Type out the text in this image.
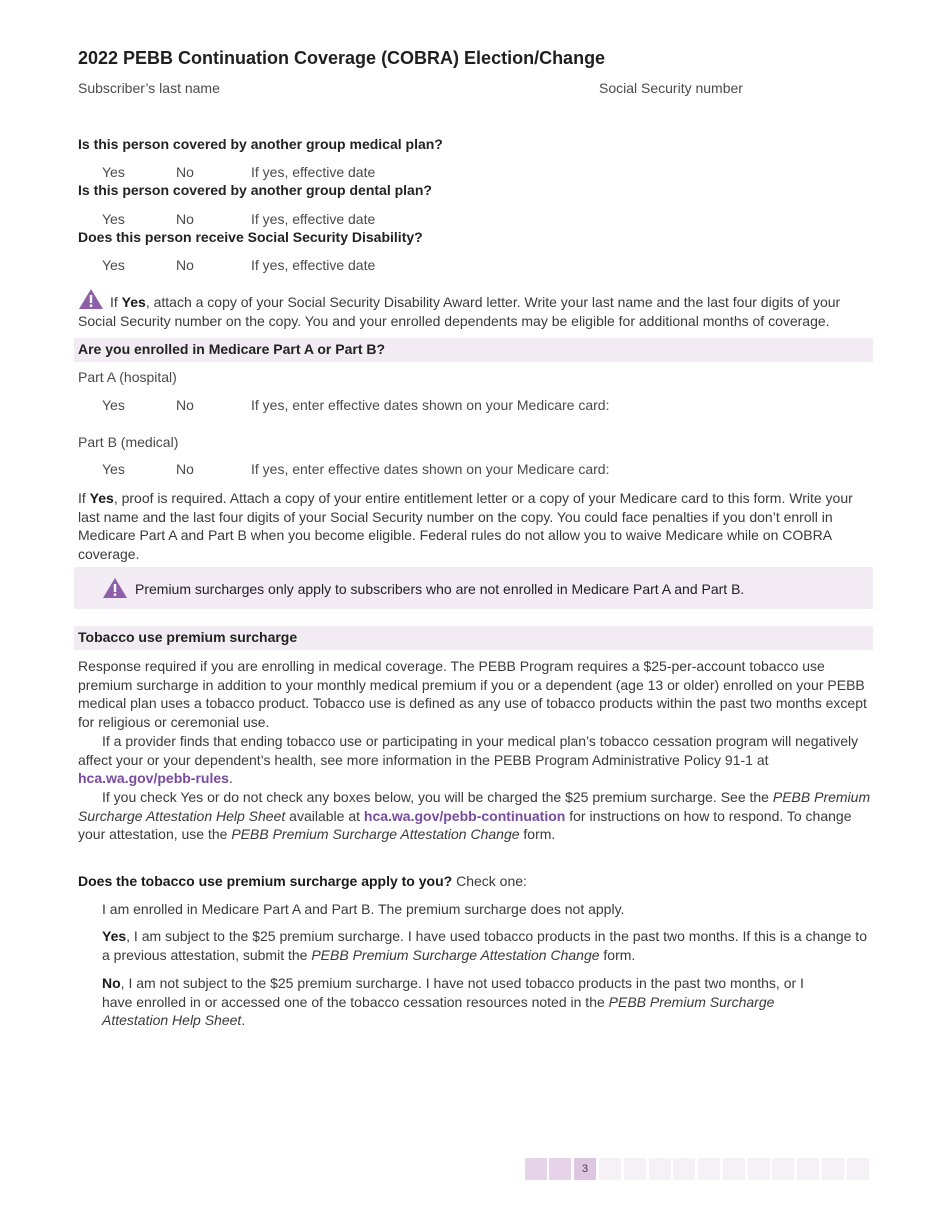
2022 PEBB Continuation Coverage (COBRA) Election/Change
Subscriber’s last name	Social Security number
Is this person covered by another group medical plan?
Yes	No	If yes, effective date
Is this person covered by another group dental plan?
Yes	No	If yes, effective date
Does this person receive Social Security Disability?
Yes	No	If yes, effective date
If Yes, attach a copy of your Social Security Disability Award letter. Write your last name and the last four digits of your Social Security number on the copy. You and your enrolled dependents may be eligible for additional months of coverage.
Are you enrolled in Medicare Part A or Part B?
Part A (hospital)
Yes	No	If yes, enter effective dates shown on your Medicare card:
Part B (medical)
Yes	No	If yes, enter effective dates shown on your Medicare card:
If Yes, proof is required. Attach a copy of your entire entitlement letter or a copy of your Medicare card to this form. Write your last name and the last four digits of your Social Security number on the copy. You could face penalties if you don’t enroll in Medicare Part A and Part B when you become eligible. Federal rules do not allow you to waive Medicare while on COBRA coverage.
Premium surcharges only apply to subscribers who are not enrolled in Medicare Part A and Part B.
Tobacco use premium surcharge
Response required if you are enrolling in medical coverage. The PEBB Program requires a $25-per-account tobacco use premium surcharge in addition to your monthly medical premium if you or a dependent (age 13 or older) enrolled on your PEBB medical plan uses a tobacco product. Tobacco use is defined as any use of tobacco products within the past two months except for religious or ceremonial use.
If a provider finds that ending tobacco use or participating in your medical plan’s tobacco cessation program will negatively affect your or your dependent’s health, see more information in the PEBB Program Administrative Policy 91-1 at hca.wa.gov/pebb-rules.
If you check Yes or do not check any boxes below, you will be charged the $25 premium surcharge. See the PEBB Premium Surcharge Attestation Help Sheet available at hca.wa.gov/pebb-continuation for instructions on how to respond. To change your attestation, use the PEBB Premium Surcharge Attestation Change form.
Does the tobacco use premium surcharge apply to you? Check one:
I am enrolled in Medicare Part A and Part B. The premium surcharge does not apply.
Yes, I am subject to the $25 premium surcharge. I have used tobacco products in the past two months. If this is a change to a previous attestation, submit the PEBB Premium Surcharge Attestation Change form.
No, I am not subject to the $25 premium surcharge. I have not used tobacco products in the past two months, or I have enrolled in or accessed one of the tobacco cessation resources noted in the PEBB Premium Surcharge Attestation Help Sheet.
3
